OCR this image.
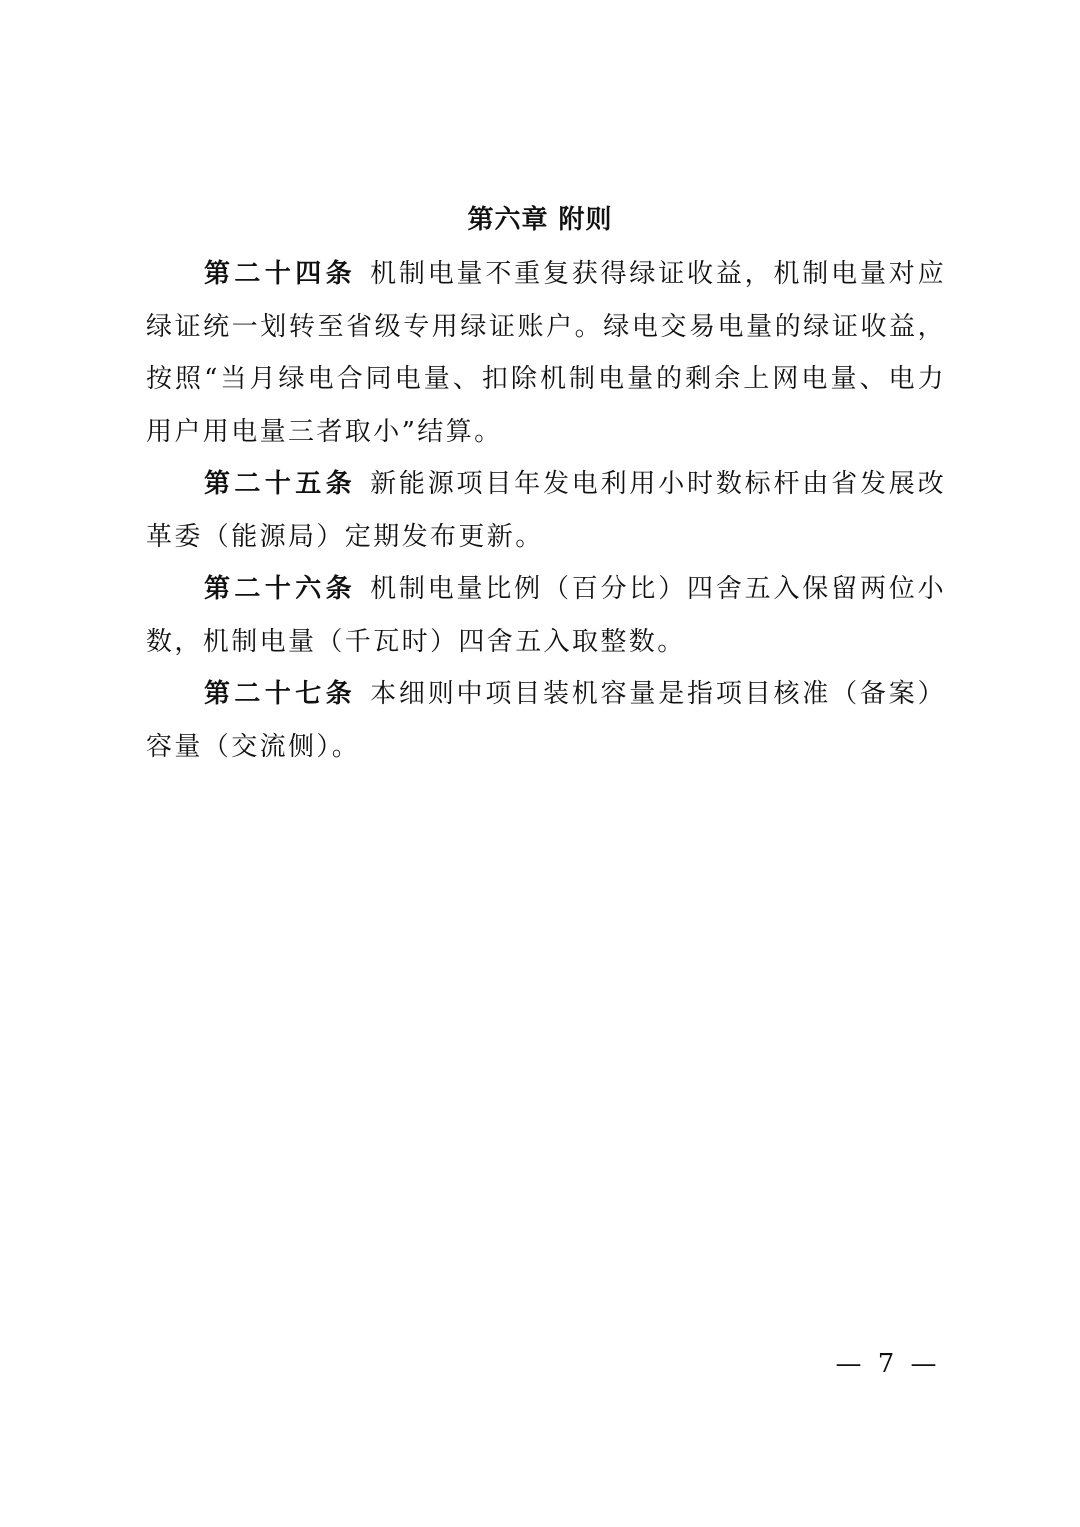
第六章 附则

第二十四条 机制电量不重复获得绿证收益，机制电量对应绿证统一划转至省级专用绿证账户。绿电交易电量的绿证收益，按照“当月绿电合同电量、扣除机制电量的剩余上网电量、电力用户用电量三者取小”结算。

第二十五条 新能源项目年发电利用小时数标杆由省发展改革委（能源局）定期发布更新。

第二十六条 机制电量比例（百分比）四舍五入保留两位小数，机制电量（千瓦时）四舍五入取整数。

第二十七条 本细则中项目装机容量是指项目核准（备案）容量（交流侧）。

— 7 —
